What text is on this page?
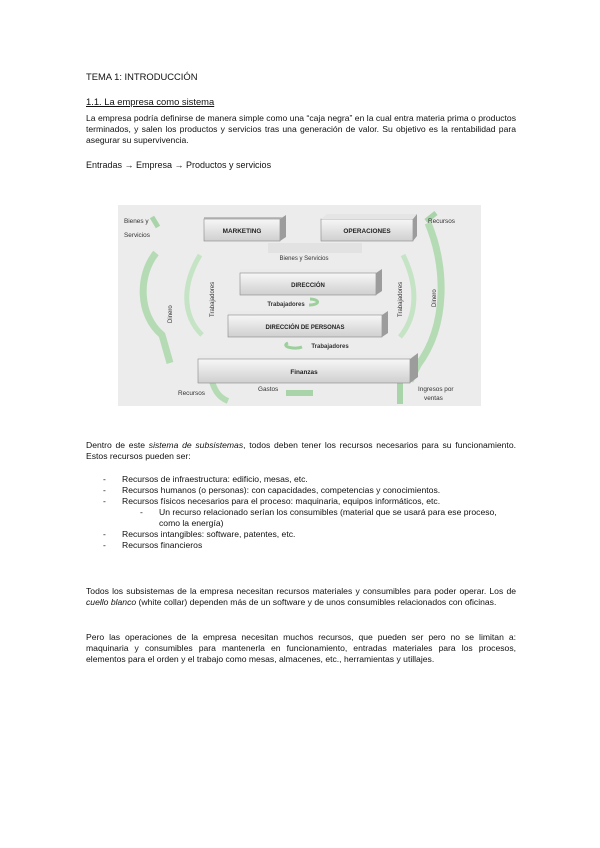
TEMA 1: INTRODUCCIÓN
1.1. La empresa como sistema
La empresa podría definirse de manera simple como una “caja negra” en la cual entra materia prima o productos terminados, y salen los productos y servicios tras una generación de valor. Su objetivo es la rentabilidad para asegurar su supervivencia.
Entradas → Empresa → Productos y servicios
MARKETING	OPERACIONES
Bienes y Servicios
DIRECCIÓN
Trabajadores
DIRECCIÓN DE PERSONAS
Trabajadores
Finanzas
Bienes y
Servicios
Recursos
Trabajadores	Trabajadores
Dinero
Dinero
Recursos
Gastos	Ingresos por
ventas
Dentro de este sistema de subsistemas, todos deben tener los recursos necesarios para su funcionamiento. Estos recursos pueden ser:
- Recursos de infraestructura: edificio, mesas, etc.
- Recursos humanos (o personas): con capacidades, competencias y conocimientos.
- Recursos físicos necesarios para el proceso: maquinaria, equipos informáticos, etc.
- Un recurso relacionado serían los consumibles (material que se usará para ese proceso, como la energía)
- Recursos intangibles: software, patentes, etc.
- Recursos financieros
Todos los subsistemas de la empresa necesitan recursos materiales y consumibles para poder operar. Los de cuello blanco (white collar) dependen más de un software y de unos consumibles relacionados con oficinas.
Pero las operaciones de la empresa necesitan muchos recursos, que pueden ser pero no se limitan a: maquinaria y consumibles para mantenerla en funcionamiento, entradas materiales para los procesos, elementos para el orden y el trabajo como mesas, almacenes, etc., herramientas y utillajes.
